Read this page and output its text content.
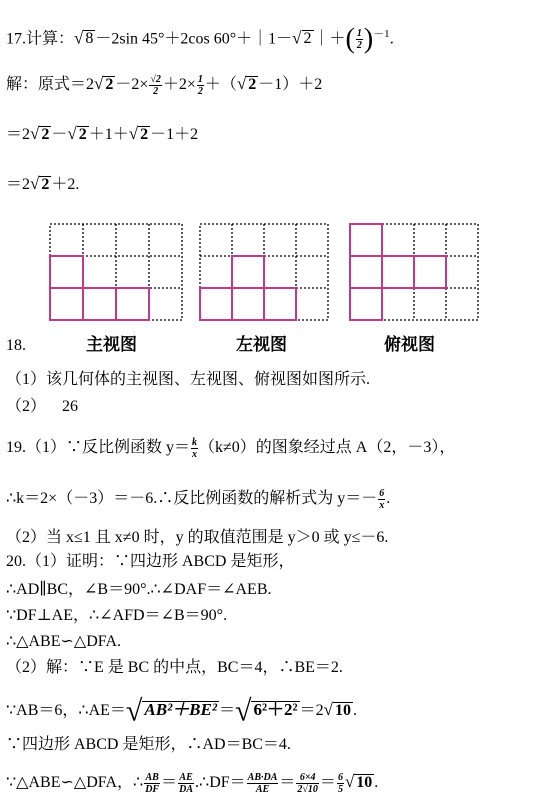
17.计算：√ 8 －2sin 45°＋2cos 60°＋｜1－√ 2 ｜＋( $\frac{1}{2} )^{-1}$.
解：原式＝2√ $2 -2\times \frac{√2}{2} +2\times \frac{1}{2}$ ＋（√ 2 －1）＋2
＝2√ 2 －√ 2 ＋1＋√ 2 －1＋2
＝2√ 2 ＋2.
18.	主视图	左视图	俯视图
（1）该几何体的主视图、左视图、俯视图如图所示.
（2） 26
19.（1）∵反比例函数 $y= \frac{k}{x} (k\ne 0)$的图象经过点 A（2，－3），
∴k＝2×（－3）＝－6.∴反比例函数的解析式为 $y=- \frac{6}{x}$ .
（2）当 x≤1 且 x≠0 时，y 的取值范围是 y＞0 或 y≤－6.
20.（1）证明：∵四边形 ABCD 是矩形，
∴AD∥BC，∠B＝90°.∴∠DAF＝∠AEB.
∵DF⊥AE，∴∠AFD＝∠B＝90°.
∴△ABE∽△DFA.
（2）解：∵E 是 BC 的中点，BC＝4，∴BE＝2.
∵AB＝6，∴AE＝√ AB²＋BE² ＝√ 6²＋2² ＝2√ 10 .
∵四边形 ABCD 是矩形，∴AD＝BC＝4.
∵△ABE∽△DFA，∴ $\frac{AB}{DF} = \frac{AE}{DA}$ .∴DF＝ $\frac{AB\cdot DA}{AE} = \frac{6\times 4}{2√10} = \frac{6}{5}$ √ 10 .
